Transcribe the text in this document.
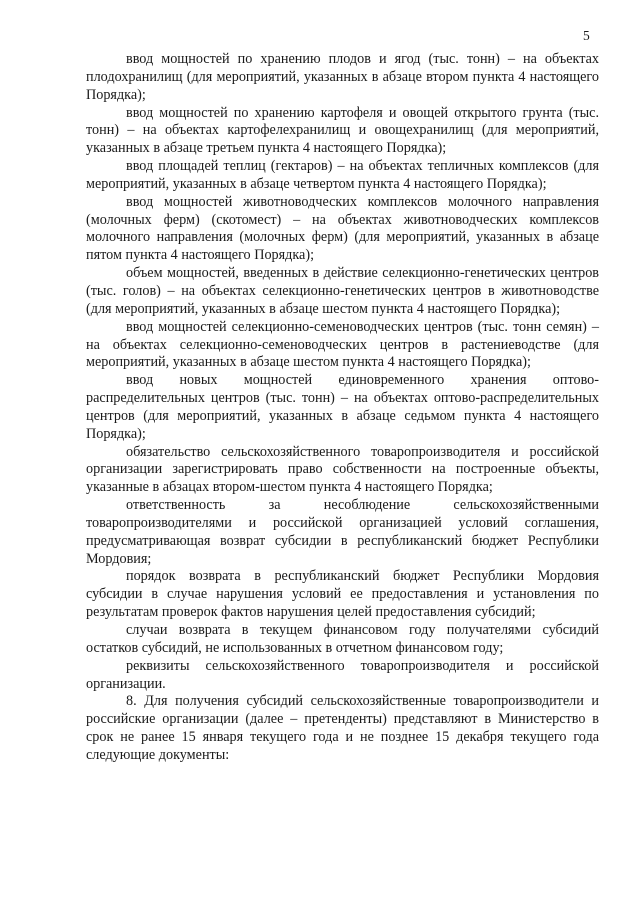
5

ввод мощностей по хранению плодов и ягод (тыс. тонн) – на объектах плодохранилищ (для мероприятий, указанных в абзаце втором пункта 4 настоящего Порядка);

ввод мощностей по хранению картофеля и овощей открытого грунта (тыс. тонн) – на объектах картофелехранилищ и овощехранилищ (для мероприятий, указанных в абзаце третьем пункта 4 настоящего Порядка);

ввод площадей теплиц (гектаров) – на объектах тепличных комплексов (для мероприятий, указанных в абзаце четвертом пункта 4 настоящего Порядка);

ввод мощностей животноводческих комплексов молочного направления (молочных ферм) (скотомест) – на объектах животноводческих комплексов молочного направления (молочных ферм) (для мероприятий, указанных в абзаце пятом пункта 4 настоящего Порядка);

объем мощностей, введенных в действие селекционно-генетических центров (тыс. голов) – на объектах селекционно-генетических центров в животноводстве (для мероприятий, указанных в абзаце шестом пункта 4 настоящего Порядка);

ввод мощностей селекционно-семеноводческих центров (тыс. тонн семян) – на объектах селекционно-семеноводческих центров в растениеводстве (для мероприятий, указанных в абзаце шестом пункта 4 настоящего Порядка);

ввод новых мощностей единовременного хранения оптово-распределительных центров (тыс. тонн) – на объектах оптово-распределительных центров (для мероприятий, указанных в абзаце седьмом пункта 4 настоящего Порядка);

обязательство сельскохозяйственного товаропроизводителя и российской организации зарегистрировать право собственности на построенные объекты, указанные в абзацах втором-шестом пункта 4 настоящего Порядка;

ответственность за несоблюдение сельскохозяйственными товаропроизводителями и российской организацией условий соглашения, предусматривающая возврат субсидии в республиканский бюджет Республики Мордовия;

порядок возврата в республиканский бюджет Республики Мордовия субсидии в случае нарушения условий ее предоставления и установления по результатам проверок фактов нарушения целей предоставления субсидий;

случаи возврата в текущем финансовом году получателями субсидий остатков субсидий, не использованных в отчетном финансовом году;

реквизиты сельскохозяйственного товаропроизводителя и российской организации.

8. Для получения субсидий сельскохозяйственные товаропроизводители и российские организации (далее – претенденты) представляют в Министерство в срок не ранее 15 января текущего года и не позднее 15 декабря текущего года следующие документы:
